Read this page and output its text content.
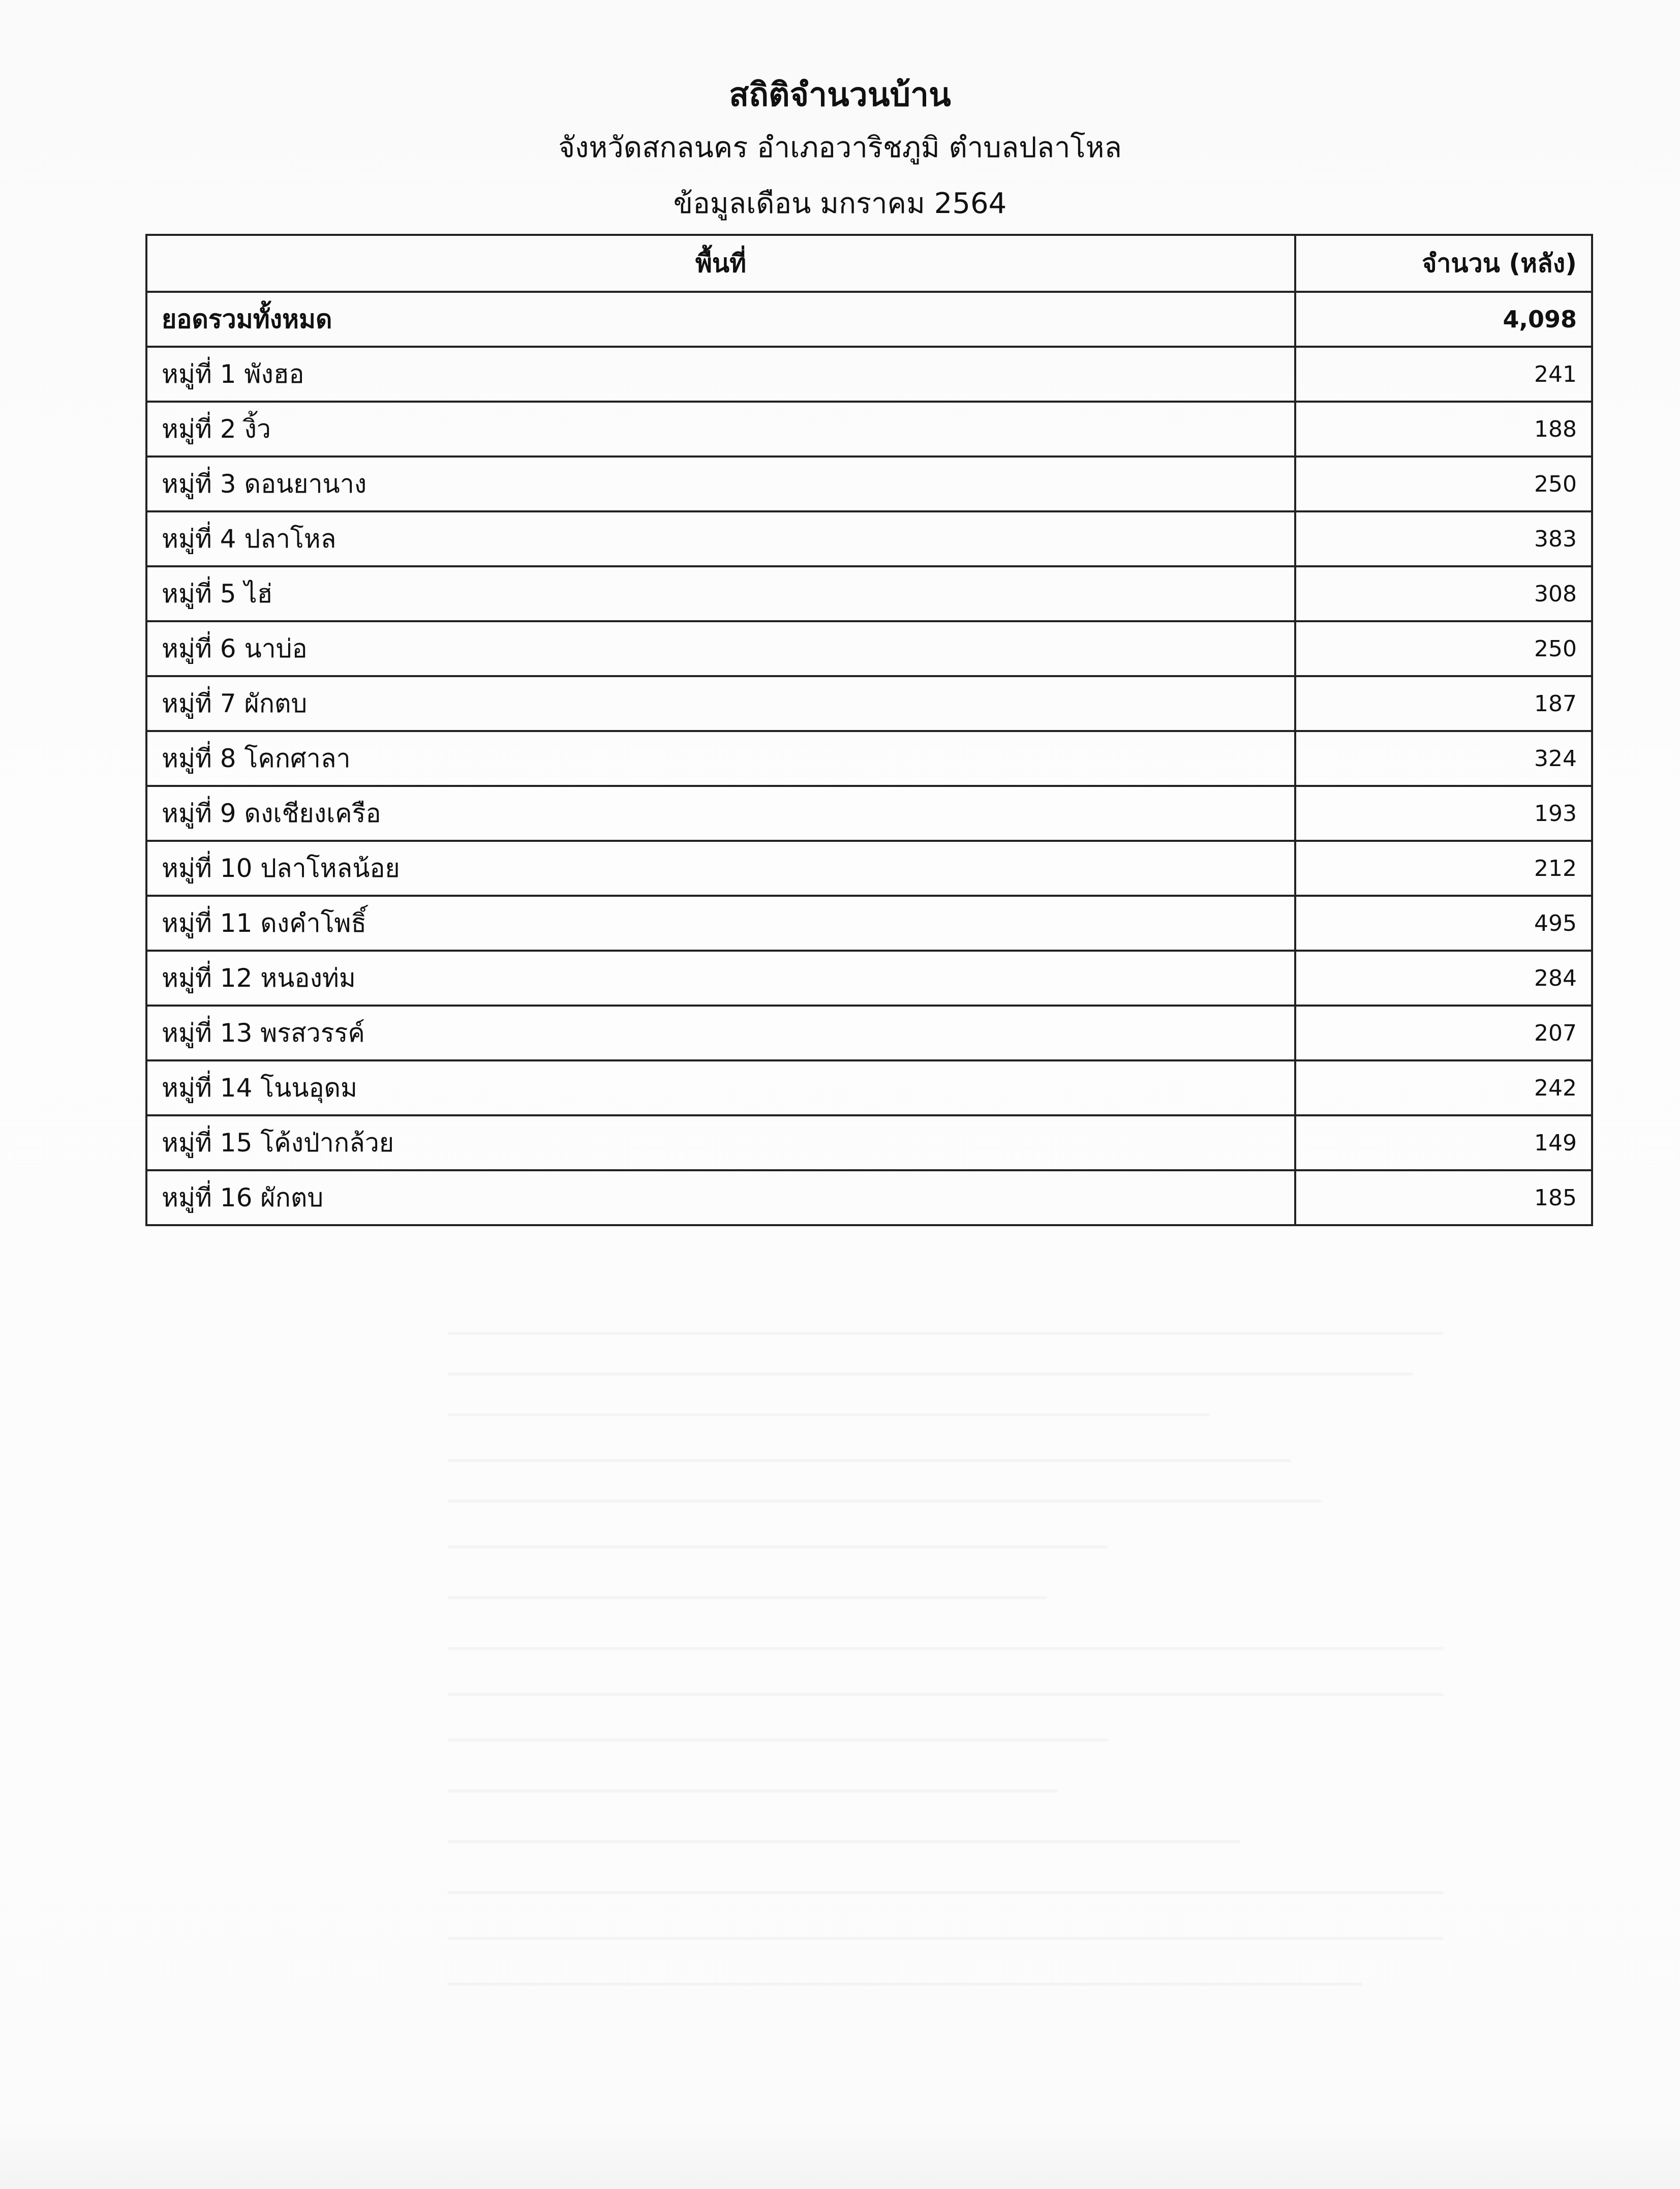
สถิติจำนวนบ้าน
จังหวัดสกลนคร อำเภอวาริชภูมิ ตำบลปลาโหล
ข้อมูลเดือน มกราคม 2564
พื้นที่	จำนวน (หลัง)
ยอดรวมทั้งหมด	4,098
หมู่ที่ 1 พังฮอ	241
หมู่ที่ 2 งิ้ว	188
หมู่ที่ 3 ดอนยานาง	250
หมู่ที่ 4 ปลาโหล	383
หมู่ที่ 5 ไฮ่	308
หมู่ที่ 6 นาบ่อ	250
หมู่ที่ 7 ผักตบ	187
หมู่ที่ 8 โคกศาลา	324
หมู่ที่ 9 ดงเชียงเครือ	193
หมู่ที่ 10 ปลาโหลน้อย	212
หมู่ที่ 11 ดงคำโพธิ์	495
หมู่ที่ 12 หนองท่ม	284
หมู่ที่ 13 พรสวรรค์	207
หมู่ที่ 14 โนนอุดม	242
หมู่ที่ 15 โค้งป่ากล้วย	149
หมู่ที่ 16 ผักตบ	185
